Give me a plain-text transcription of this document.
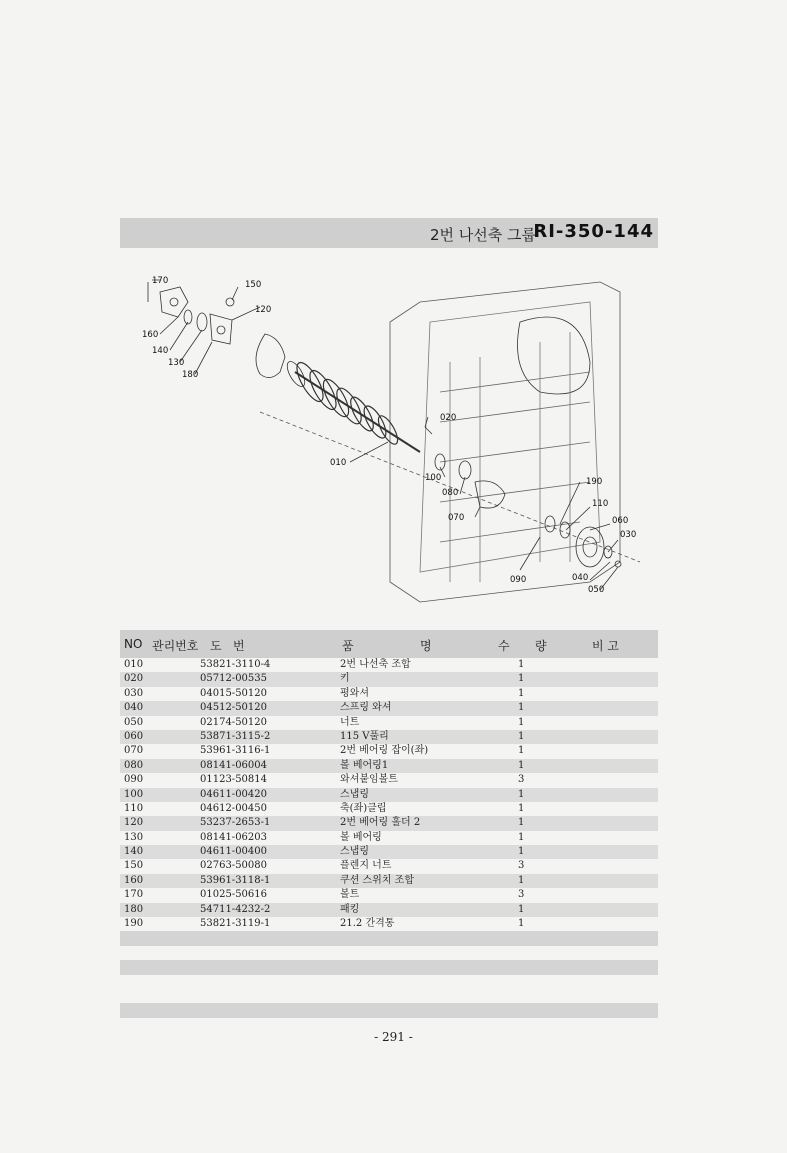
2번 나선축 그룹
RI-350-144
170	150
120
160
140
130
180
020
010
100
080
070
190
110
060
030
090	040
050
NO 관리번호 도   번	품	명	수 량	비 고
010	53821-3110-4	2번 나선축 조합	1
020	05712-00535	키	1
030	04015-50120	평와셔	1
040	04512-50120	스프링 와셔	1
050	02174-50120	너트	1
060	53871-3115-2	115 V풀리	1
070	53961-3116-1	2번 베어링 잡이(좌)	1
080	08141-06004	볼 베어링1	1
090	01123-50814	와셔붙임볼트	3
100	04611-00420	스냅링	1
110	04612-00450	축(좌)클립	1
120	53237-2653-1	2번 베어링 홀더 2	1
130	08141-06203	볼 베어링	1
140	04611-00400	스냅링	1
150	02763-50080	플렌지 너트	3
160	53961-3118-1	쿠션 스위치 조합	1
170	01025-50616	볼트	3
180	54711-4232-2	패킹	1
190	53821-3119-1	21.2 간격통	1
- 291 -
